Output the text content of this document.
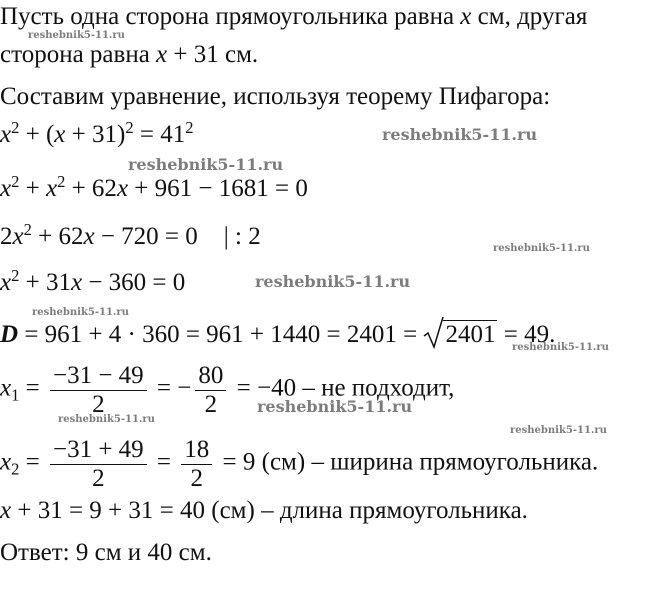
Пусть одна сторона прямоугольника равна x см, другая
сторона равна x + 31 см.
Составим уравнение, используя теорему Пифагора:
$x^2 + (x + 31)^2 = 41^2$
$x^2 + x^2 + 62x + 961 - 1681 = 0$
$2x^2 + 62x - 720 = 0$ | : 2
$x^2 + 31x - 360 = 0$
D = 961 + 4 · 360 = 961 + 1440 = 2401 =
2401 = 49.
$x_1 = \frac{-31 - 49}{2}$ = − $\frac{80}{2} = -40$ – не подходит,
$x_2 = \frac{-31 + 49}{2} = \frac{18}{2} = 9$ (см) – ширина прямоугольника.
x + 31 = 9 + 31 = 40 (см) – длина прямоугольника.
Ответ: 9 см и 40 см.
reshebnik5-11.ru
reshebnik5-11.ru
reshebnik5-11.ru
reshebnik5-11.ru
reshebnik5-11.ru
reshebnik5-11.ru
reshebnik5-11.ru
reshebnik5-11.ru
reshebnik5-11.ru
reshebnik5-11.ru
